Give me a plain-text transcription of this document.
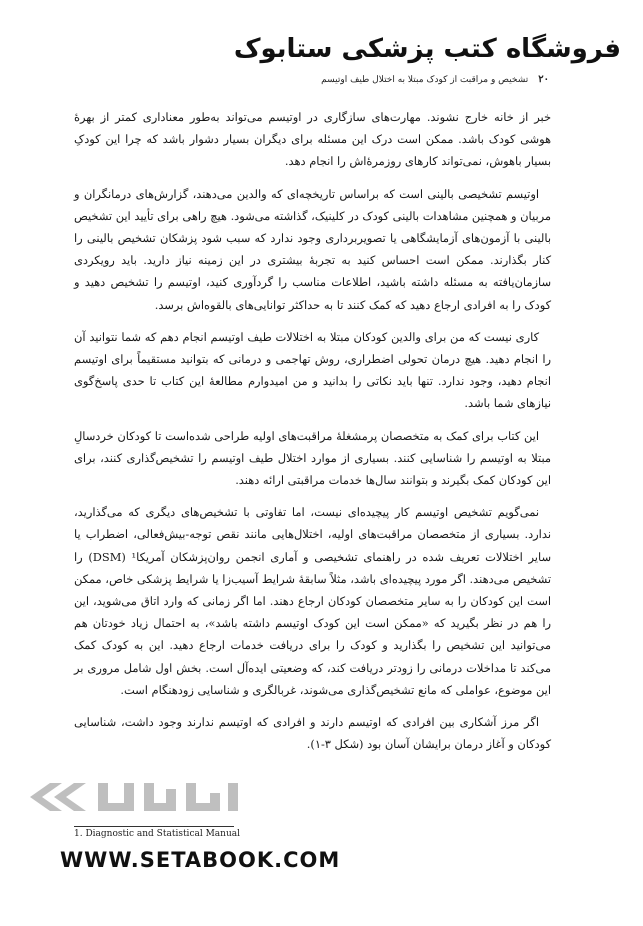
فروشگاه کتب پزشکی ستابوک
۲۰
تشخیص و مراقبت از کودک مبتلا به اختلال طیف اوتیسم

خبر از خانه خارج نشوند. مهارت‌های سازگاری در اوتیسم می‌تواند به‌طور معناداری کمتر از بهرهٔ هوشی کودک باشد. ممکن است درک این مسئله برای دیگران بسیار دشوار باشد که چرا این کودکِ بسیار باهوش، نمی‌تواند کارهای روزمرهٔ‌اش را انجام دهد.

اوتیسم تشخیصی بالینی است که براساس تاریخچه‌ای که والدین می‌دهند، گزارش‌های درمانگران و مربیان و همچنین مشاهدات بالینی کودک در کلینیک، گذاشته می‌شود. هیچ راهی برای تأیید این تشخیص بالینی با آزمون‌های آزمایشگاهی یا تصویربرداری وجود ندارد که سبب شود پزشکان تشخیص بالینی را کنار بگذارند. ممکن است احساس کنید به تجربهٔ بیشتری در این زمینه نیاز دارید. باید رویکردی سازمان‌یافته به مسئله داشته باشید، اطلاعات مناسب را گردآوری کنید، اوتیسم را تشخیص دهید و کودک را به افرادی ارجاع دهید که کمک کنند تا به حداکثر توانایی‌های بالقوه‌اش برسد.

کاری نیست که من برای والدین کودکان مبتلا به اختلالات طیف اوتیسم انجام دهم که شما نتوانید آن را انجام دهید. هیچ درمان تحولی اضطراری، روش تهاجمی و درمانی که بتوانید مستقیماً برای اوتیسم انجام دهید، وجود ندارد. تنها باید نکاتی را بدانید و من امیدوارم مطالعهٔ این کتاب تا حدی پاسخ‌گوی نیازهای شما باشد.

این کتاب برای کمک به متخصصان پرمشغلهٔ مراقبت‌های اولیه طراحی شده‌است تا کودکان خردسالِ مبتلا به اوتیسم را شناسایی کنند. بسیاری از موارد اختلال طیف اوتیسم را تشخیص‌گذاری کنند، برای این کودکان کمک بگیرند و بتوانند سال‌ها خدمات مراقبتی ارائه دهند.

نمی‌گویم تشخیص اوتیسم کار پیچیده‌ای نیست، اما تفاوتی با تشخیص‌های دیگری که می‌گذارید، ندارد. بسیاری از متخصصان مراقبت‌های اولیه، اختلال‌هایی مانند نقص توجه-بیش‌فعالی، اضطراب یا سایر اختلالات تعریف شده در راهنمای تشخیصی و آماری انجمن روان‌پزشکان آمریکا¹ (DSM) را تشخیص می‌دهند. اگر مورد پیچیده‌ای باشد، مثلاً سابقهٔ شرایط آسیب‌زا یا شرایط پزشکی خاص، ممکن است این کودکان را به سایر متخصصان کودکان ارجاع دهند. اما اگر زمانی که وارد اتاق می‌شوید، این را هم در نظر بگیرید که «ممکن است این کودک اوتیسم داشته باشد»، به احتمال زیاد خودتان هم می‌توانید این تشخیص را بگذارید و کودک را برای دریافت خدمات ارجاع دهید. این به کودک کمک می‌کند تا مداخلات درمانی را زودتر دریافت کند، که وضعیتی ایده‌آل است. بخش اول شامل مروری بر این موضوع، عواملی که مانع تشخیص‌گذاری می‌شوند، غربالگری و شناسایی زودهنگام است.

اگر مرز آشکاری بین افرادی که اوتیسم دارند و افرادی که اوتیسم ندارند وجود داشت، شناسایی کودکان و آغاز درمان برایشان آسان بود (شکل ۳-۱).

1. Diagnostic and Statistical Manual
WWW.SETABOOK.COM
